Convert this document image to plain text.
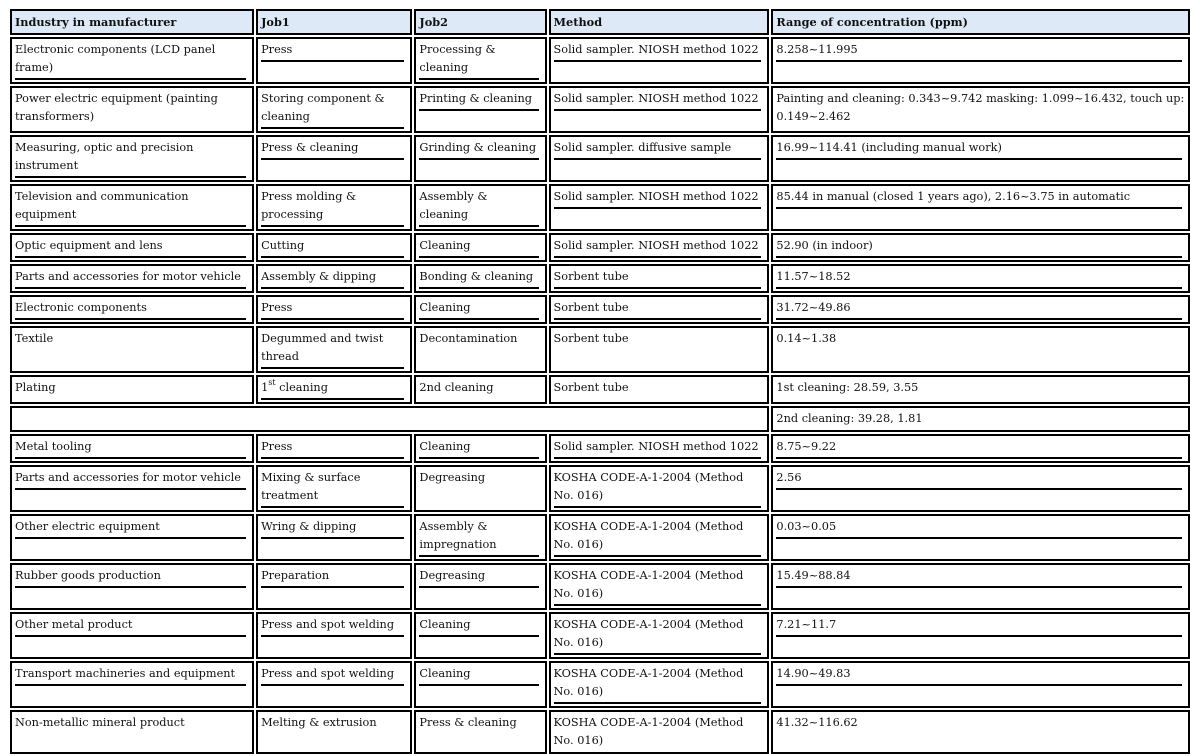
Industry in manufacturer	Job1	Job2	Method	Range of concentration (ppm)

Electronic components (LCD panel frame)	Press	Processing & cleaning	Solid sampler. NIOSH method 1022	8.258~11.995

Power electric equipment (painting transformers)	Storing component & cleaning	Printing & cleaning	Solid sampler. NIOSH method 1022	Painting and cleaning: 0.343~9.742 masking: 1.099~16.432, touch up: 0.149~2.462

Measuring, optic and precision instrument	Press & cleaning	Grinding & cleaning	Solid sampler. diffusive sample	16.99~114.41 (including manual work)

Television and communication equipment	Press molding & processing	Assembly & cleaning	Solid sampler. NIOSH method 1022	85.44 in manual (closed 1 years ago), 2.16~3.75 in automatic

Optic equipment and lens	Cutting	Cleaning	Solid sampler. NIOSH method 1022	52.90 (in indoor)

Parts and accessories for motor vehicle	Assembly & dipping	Bonding & cleaning	Sorbent tube	11.57~18.52

Electronic components	Press	Cleaning	Sorbent tube	31.72~49.86

Textile	Degummed and twist thread	Decontamination	Sorbent tube	0.14~1.38
Plating	1st cleaning	2nd cleaning	Sorbent tube	1st cleaning: 28.59, 3.55
				2nd cleaning: 39.28, 1.81

Metal tooling	Press	Cleaning	Solid sampler. NIOSH method 1022	8.75~9.22

Parts and accessories for motor vehicle	Mixing & surface treatment	Degreasing	KOSHA CODE-A-1-2004 (Method No. 016)	2.56

Other electric equipment	Wring & dipping	Assembly & impregnation	KOSHA CODE-A-1-2004 (Method No. 016)	0.03~0.05

Rubber goods production	Preparation	Degreasing	KOSHA CODE-A-1-2004 (Method No. 016)	15.49~88.84

Other metal product	Press and spot welding	Cleaning	KOSHA CODE-A-1-2004 (Method No. 016)	7.21~11.7

Transport machineries and equipment	Press and spot welding	Cleaning	KOSHA CODE-A-1-2004 (Method No. 016)	14.90~49.83

Non-metallic mineral product	Melting & extrusion	Press & cleaning	KOSHA CODE-A-1-2004 (Method No. 016)	41.32~116.62
